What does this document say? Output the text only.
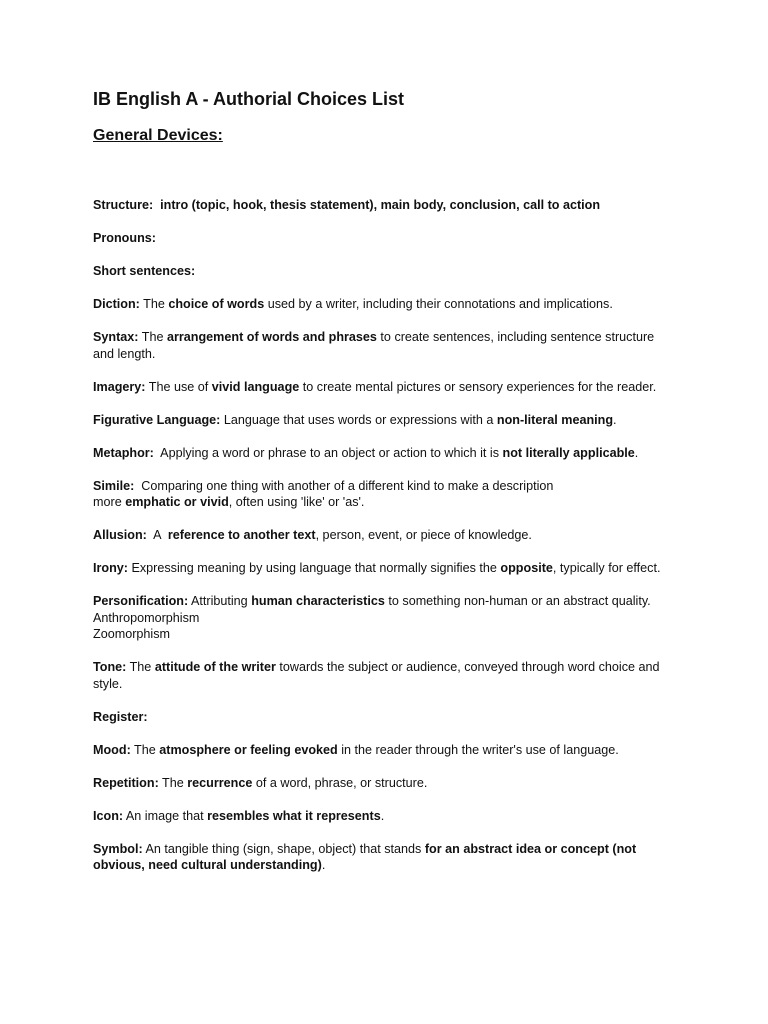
IB English A - Authorial Choices List
General Devices:

Structure:  intro (topic, hook, thesis statement), main body, conclusion, call to action

Pronouns:

Short sentences:

Diction: The choice of words used by a writer, including their connotations and implications.

Syntax: The arrangement of words and phrases to create sentences, including sentence structure and length.

Imagery: The use of vivid language to create mental pictures or sensory experiences for the reader.

Figurative Language: Language that uses words or expressions with a non-literal meaning.

Metaphor:  Applying a word or phrase to an object or action to which it is not literally applicable.

Simile:  Comparing one thing with another of a different kind to make a description
more emphatic or vivid, often using 'like' or 'as'.

Allusion:  A  reference to another text, person, event, or piece of knowledge.

Irony: Expressing meaning by using language that normally signifies the opposite, typically for effect.

Personification: Attributing human characteristics to something non-human or an abstract quality.
Anthropomorphism
Zoomorphism

Tone: The attitude of the writer towards the subject or audience, conveyed through word choice and style.

Register:

Mood: The atmosphere or feeling evoked in the reader through the writer's use of language.

Repetition: The recurrence of a word, phrase, or structure.

Icon: An image that resembles what it represents.

Symbol: An tangible thing (sign, shape, object) that stands for an abstract idea or concept (not obvious, need cultural understanding).
